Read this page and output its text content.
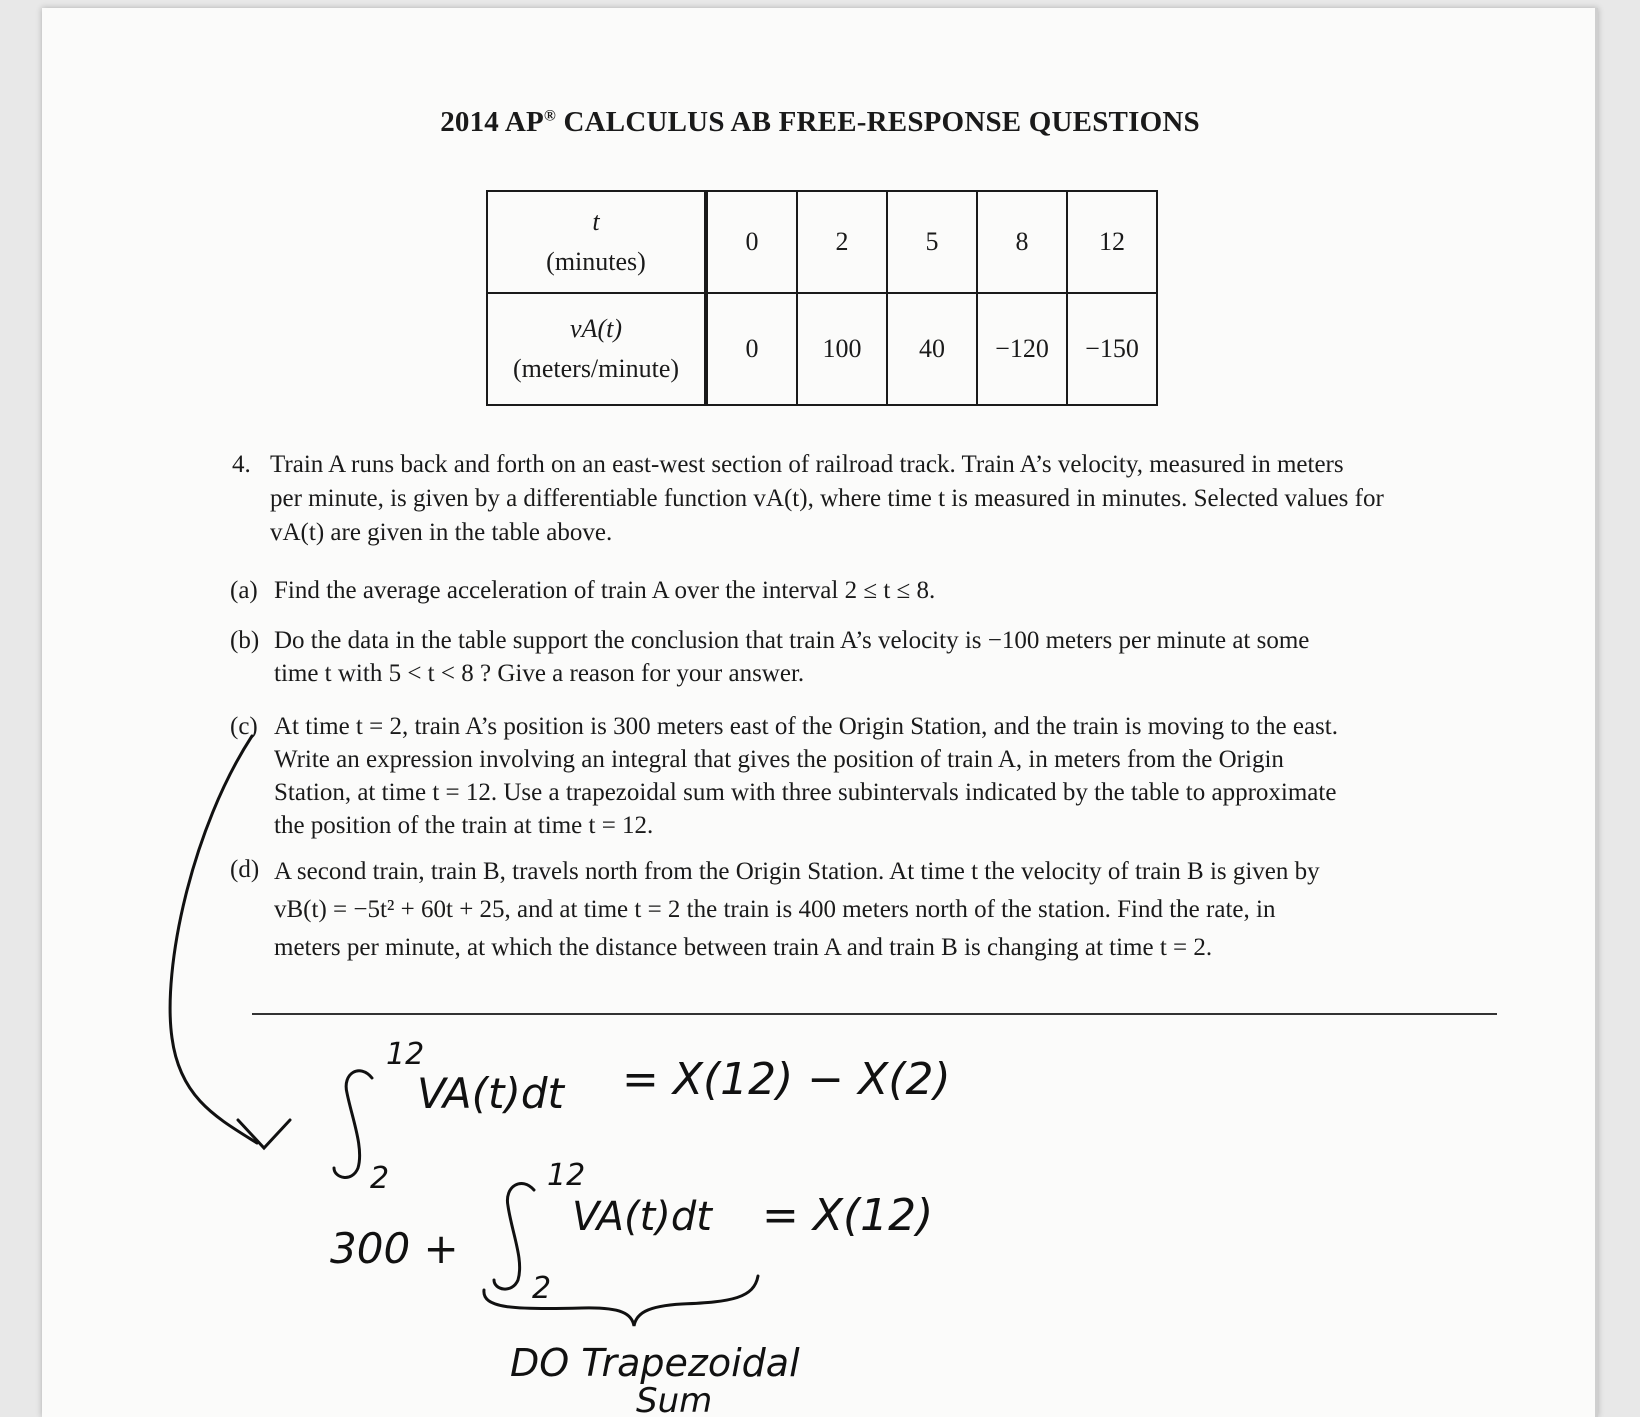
2014 AP® CALCULUS AB FREE-RESPONSE QUESTIONS
t
(minutes)	0	2	5	8	12

vA(t)
(meters/minute)	0	100	40	−120	−150
4. Train A runs back and forth on an east-west section of railroad track. Train A’s velocity, measured in meters
per minute, is given by a differentiable function vA(t), where time t is measured in minutes. Selected values for
vA(t) are given in the table above.
(a) Find the average acceleration of train A over the interval 2 ≤ t ≤ 8.
(b) Do the data in the table support the conclusion that train A’s velocity is −100 meters per minute at some
time t with 5 < t < 8 ? Give a reason for your answer.
(c) At time t = 2, train A’s position is 300 meters east of the Origin Station, and the train is moving to the east.
Write an expression involving an integral that gives the position of train A, in meters from the Origin
Station, at time t = 12. Use a trapezoidal sum with three subintervals indicated by the table to approximate
the position of the train at time t = 12.
(d) A second train, train B, travels north from the Origin Station. At time t the velocity of train B is given by
vB(t) = −5t² + 60t + 25, and at time t = 2 the train is 400 meters north of the station. Find the rate, in
meters per minute, at which the distance between train A and train B is changing at time t = 2.
12
2
VA(t)dt = X(12) − X(2)
300 +
12
2
VA(t)dt = X(12)
DO Trapezoidal
Sum
